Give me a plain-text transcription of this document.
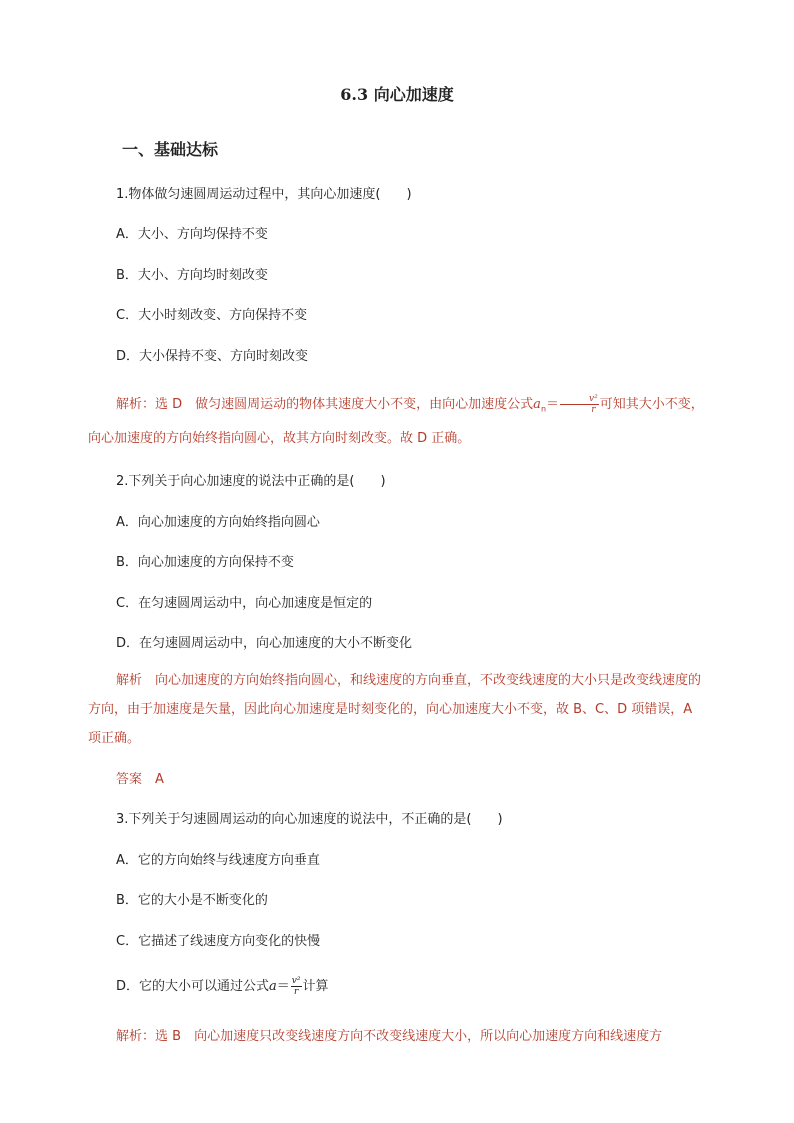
6.3 向心加速度
一、基础达标
1.物体做匀速圆周运动过程中，其向心加速度(　　)
A．大小、方向均保持不变
B．大小、方向均时刻改变
C．大小时刻改变、方向保持不变
D．大小保持不变、方向时刻改变
解析：选 D　做匀速圆周运动的物体其速度大小不变，由向心加速度公式$a_n= \frac{\text{v²}}{r}$ 可知其大小不变，向心加速度的方向始终指向圆心，故其方向时刻改变。故 D 正确。
2.下列关于向心加速度的说法中正确的是(　　)
A．向心加速度的方向始终指向圆心
B．向心加速度的方向保持不变
C．在匀速圆周运动中，向心加速度是恒定的
D．在匀速圆周运动中，向心加速度的大小不断变化
解析　向心加速度的方向始终指向圆心，和线速度的方向垂直，不改变线速度的大小只是改变线速度的方向，由于加速度是矢量，因此向心加速度是时刻变化的，向心加速度大小不变，故 B、C、D 项错误，A 项正确。
答案　A
3.下列关于匀速圆周运动的向心加速度的说法中，不正确的是(　　)
A．它的方向始终与线速度方向垂直
B．它的大小是不断变化的
C．它描述了线速度方向变化的快慢
D．它的大小可以通过公式$a= \frac{\text{v²}}{r}$ 计算
解析：选 B　向心加速度只改变线速度方向不改变线速度大小，所以向心加速度方向和线速度方
